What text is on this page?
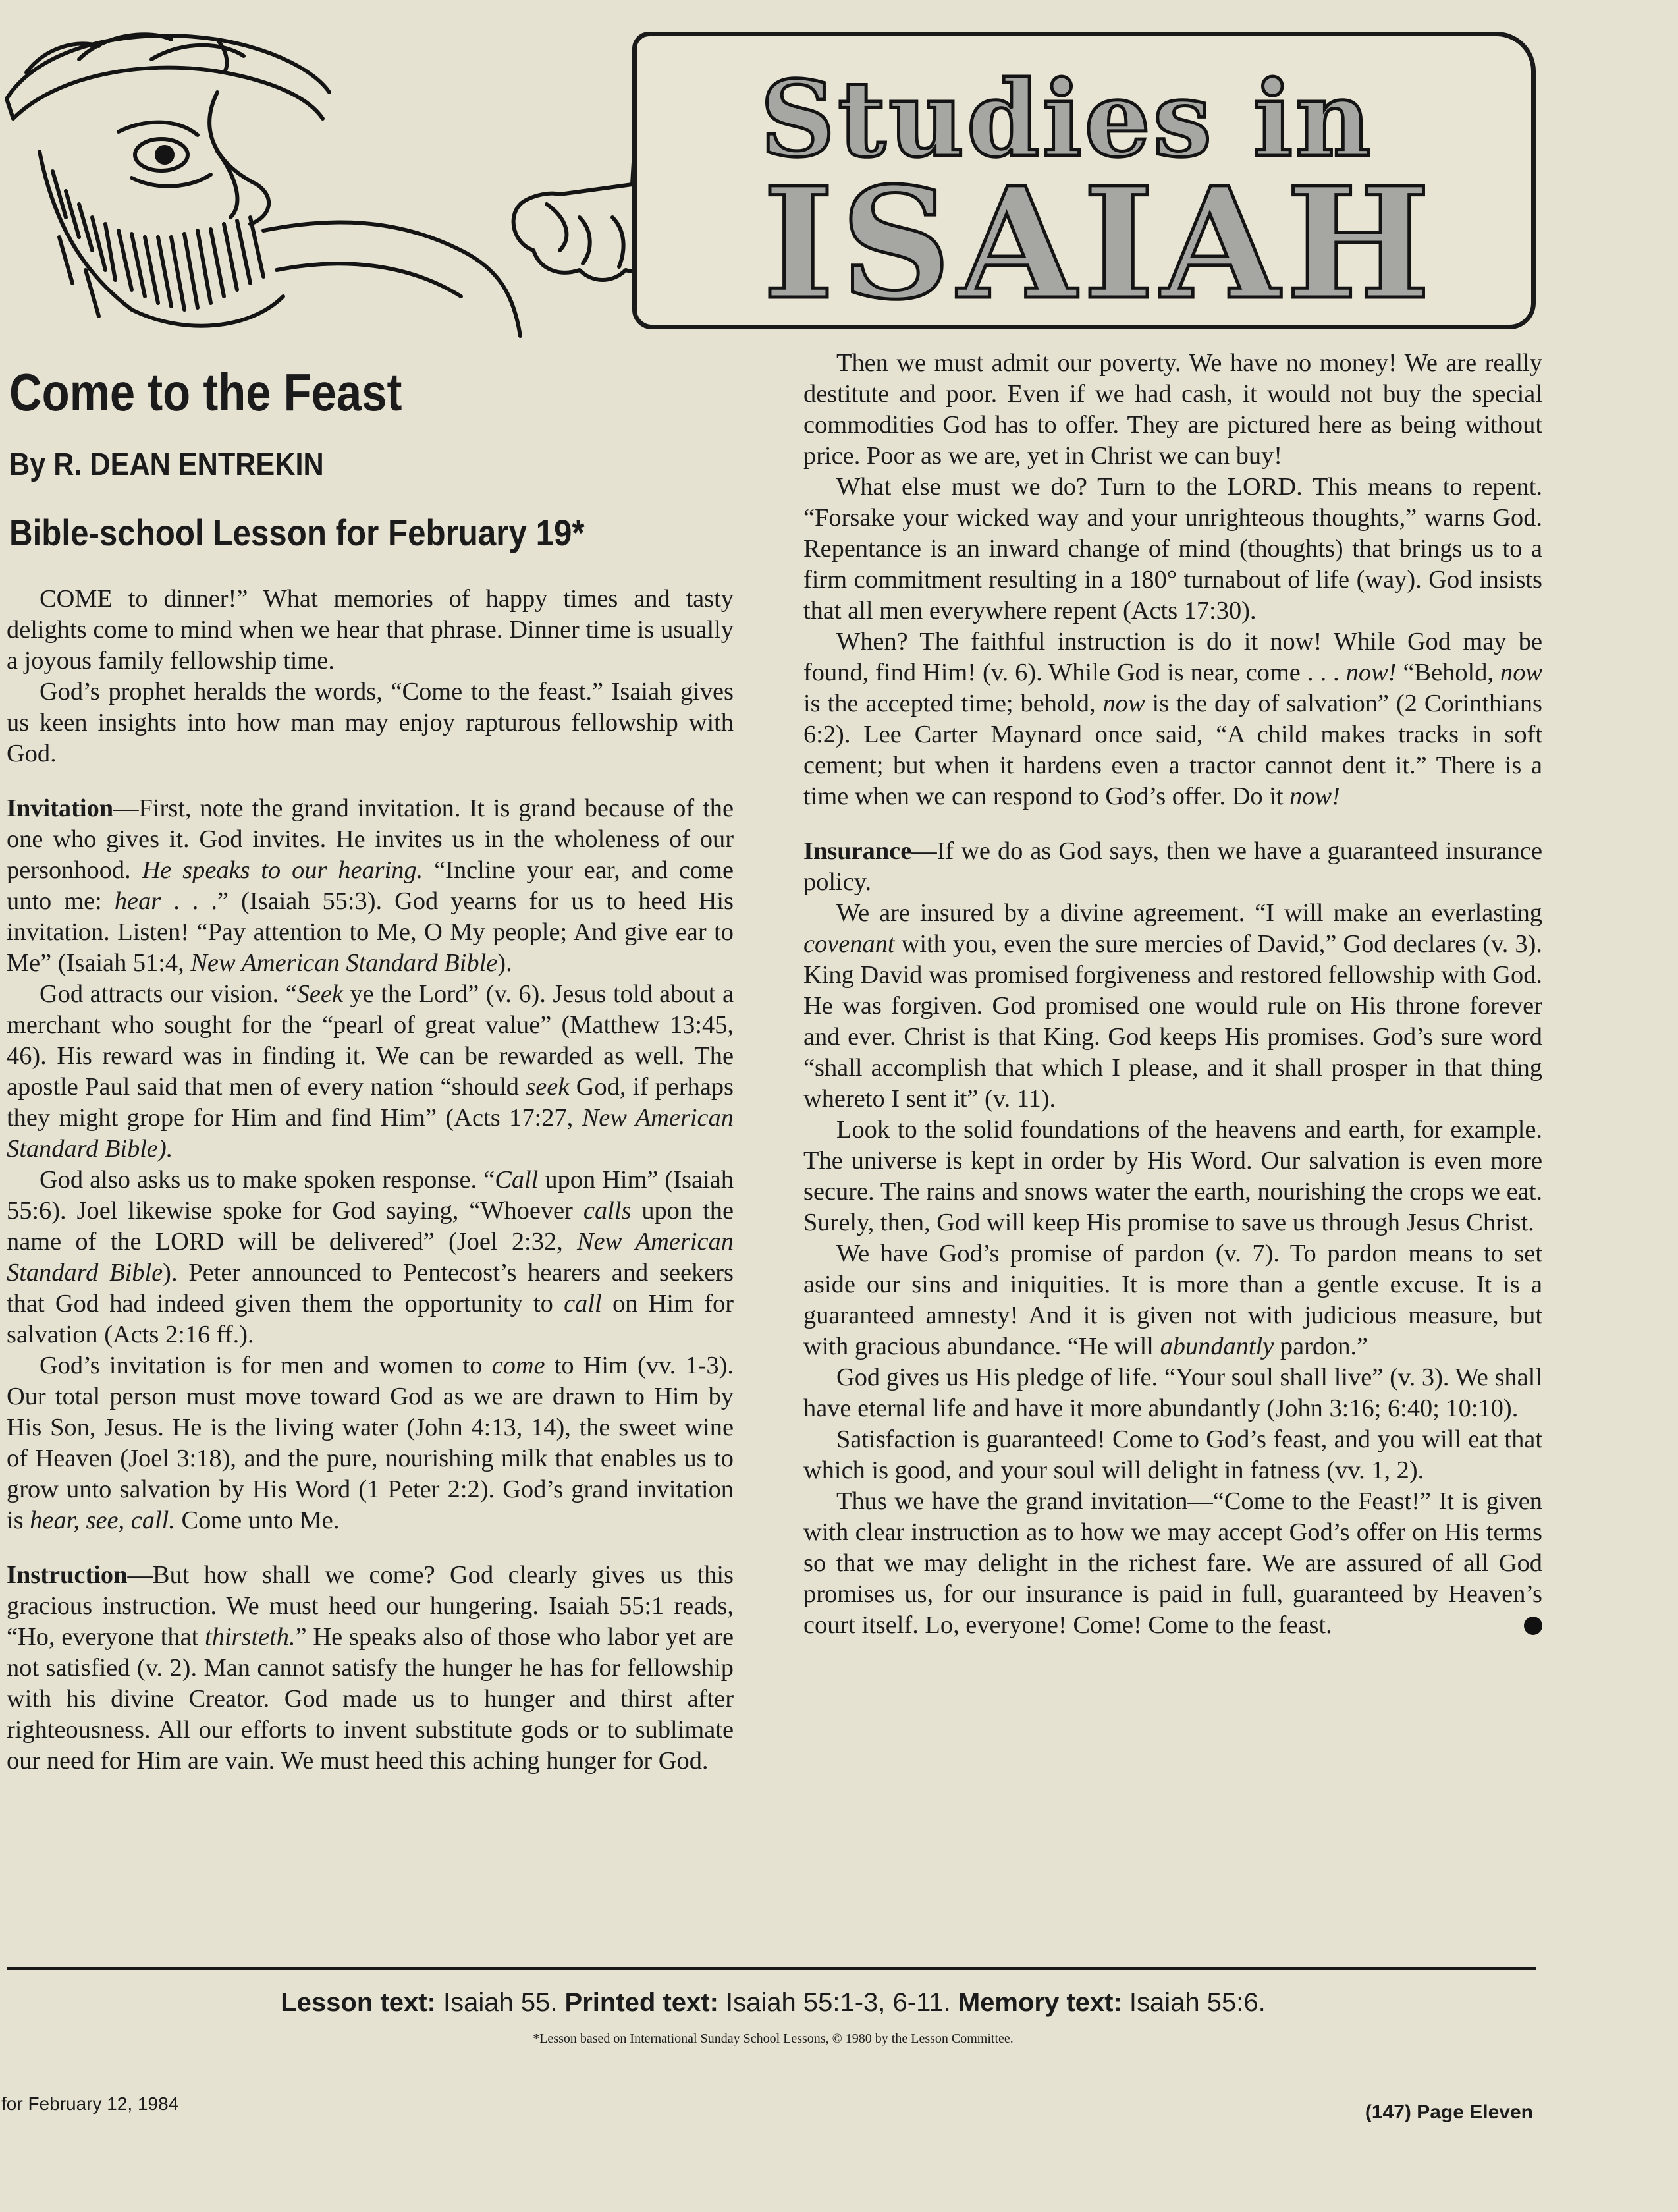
Studies in
ISAIAH
Come to the Feast

By R. DEAN ENTREKIN

Bible-school Lesson for February 19*

COME to dinner!” What memories of happy times and tasty delights come to mind when we hear that phrase. Dinner time is usually a joyous family fellowship time.

God’s prophet heralds the words, “Come to the feast.” Isaiah gives us keen insights into how man may enjoy rapturous fellowship with God.

Invitation—First, note the grand invitation. It is grand because of the one who gives it. God invites. He invites us in the wholeness of our personhood. He speaks to our hearing. “Incline your ear, and come unto me: hear . . .” (Isaiah 55:3). God yearns for us to heed His invitation. Listen! “Pay attention to Me, O My people; And give ear to Me” (Isaiah 51:4, New American Standard Bible).

God attracts our vision. “Seek ye the Lord” (v. 6). Jesus told about a merchant who sought for the “pearl of great value” (Matthew 13:45, 46). His reward was in finding it. We can be rewarded as well. The apostle Paul said that men of every nation “should seek God, if perhaps they might grope for Him and find Him” (Acts 17:27, New American Standard Bible).

God also asks us to make spoken response. “Call upon Him” (Isaiah 55:6). Joel likewise spoke for God saying, “Whoever calls upon the name of the LORD will be delivered” (Joel 2:32, New American Standard Bible). Peter announced to Pentecost’s hearers and seekers that God had indeed given them the opportunity to call on Him for salvation (Acts 2:16 ff.).

God’s invitation is for men and women to come to Him (vv. 1-3). Our total person must move toward God as we are drawn to Him by His Son, Jesus. He is the living water (John 4:13, 14), the sweet wine of Heaven (Joel 3:18), and the pure, nourishing milk that enables us to grow unto salvation by His Word (1 Peter 2:2). God’s grand invitation is hear, see, call. Come unto Me.

Instruction—But how shall we come? God clearly gives us this gracious instruction. We must heed our hungering. Isaiah 55:1 reads, “Ho, everyone that thirsteth.” He speaks also of those who labor yet are not satisfied (v. 2). Man cannot satisfy the hunger he has for fellowship with his divine Creator. God made us to hunger and thirst after righteousness. All our efforts to invent substitute gods or to sublimate our need for Him are vain. We must heed this aching hunger for God.

Then we must admit our poverty. We have no money! We are really destitute and poor. Even if we had cash, it would not buy the special commodities God has to offer. They are pictured here as being without price. Poor as we are, yet in Christ we can buy!

What else must we do? Turn to the LORD. This means to repent. “Forsake your wicked way and your unrighteous thoughts,” warns God. Repentance is an inward change of mind (thoughts) that brings us to a firm commitment resulting in a 180° turnabout of life (way). God insists that all men everywhere repent (Acts 17:30).

When? The faithful instruction is do it now! While God may be found, find Him! (v. 6). While God is near, come . . . now! “Behold, now is the accepted time; behold, now is the day of salvation” (2 Corinthians 6:2). Lee Carter Maynard once said, “A child makes tracks in soft cement; but when it hardens even a tractor cannot dent it.” There is a time when we can respond to God’s offer. Do it now!

Insurance—If we do as God says, then we have a guaranteed insurance policy.

We are insured by a divine agreement. “I will make an everlasting covenant with you, even the sure mercies of David,” God declares (v. 3). King David was promised forgiveness and restored fellowship with God. He was forgiven. God promised one would rule on His throne forever and ever. Christ is that King. God keeps His promises. God’s sure word “shall accomplish that which I please, and it shall prosper in that thing whereto I sent it” (v. 11).

Look to the solid foundations of the heavens and earth, for example. The universe is kept in order by His Word. Our salvation is even more secure. The rains and snows water the earth, nourishing the crops we eat. Surely, then, God will keep His promise to save us through Jesus Christ.

We have God’s promise of pardon (v. 7). To pardon means to set aside our sins and iniquities. It is more than a gentle excuse. It is a guaranteed amnesty! And it is given not with judicious measure, but with gracious abundance. “He will abundantly pardon.”

God gives us His pledge of life. “Your soul shall live” (v. 3). We shall have eternal life and have it more abundantly (John 3:16; 6:40; 10:10).

Satisfaction is guaranteed! Come to God’s feast, and you will eat that which is good, and your soul will delight in fatness (vv. 1, 2).

Thus we have the grand invitation—“Come to the Feast!” It is given with clear instruction as to how we may accept God’s offer on His terms so that we may delight in the richest fare. We are assured of all God promises us, for our insurance is paid in full, guaranteed by Heaven’s court itself. Lo, everyone! Come! Come to the feast.

Lesson text: Isaiah 55. Printed text: Isaiah 55:1-3, 6-11. Memory text: Isaiah 55:6.

*Lesson based on International Sunday School Lessons, © 1980 by the Lesson Committee.

for February 12, 1984	(147) Page Eleven
